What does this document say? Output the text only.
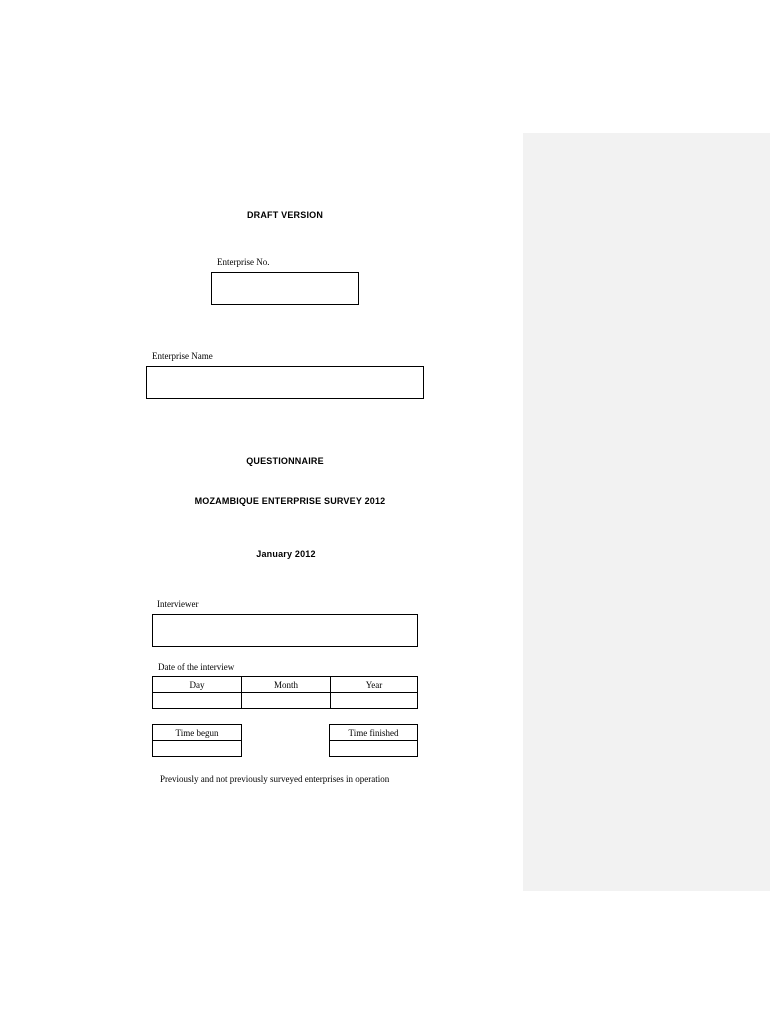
DRAFT VERSION
Enterprise No.
Enterprise Name
QUESTIONNAIRE
MOZAMBIQUE ENTERPRISE SURVEY 2012
January 2012
Interviewer
Date of the interview
Day	Month	Year

Time begun	Time finished

Previously and not previously surveyed enterprises in operation
